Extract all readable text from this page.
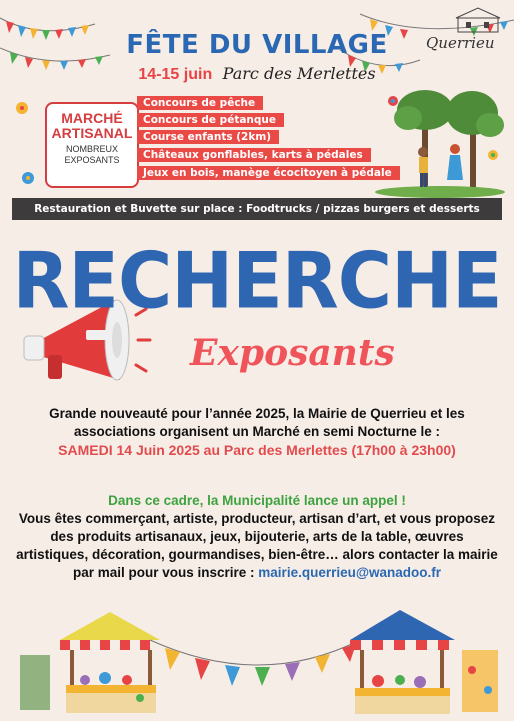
FÊTE DU VILLAGE
14-15 juin Parc des Merlettes
Querrieu
MARCHÉ
ARTISANAL
NOMBREUX
EXPOSANTS
Concours de pêche
Concours de pétanque
Course enfants (2km)
Châteaux gonflables, karts à pédales
Jeux en bois, manège écocitoyen à pédale
Restauration et Buvette sur place : Foodtrucks / pizzas burgers et desserts
RECHERCHE
Exposants
Grande nouveauté pour l’année 2025, la Mairie de Querrieu et les
associations organisent un Marché en semi Nocturne le :
SAMEDI 14 Juin 2025 au Parc des Merlettes (17h00 à 23h00)
Dans ce cadre, la Municipalité lance un appel !
Vous êtes commerçant, artiste, producteur, artisan d’art, et vous proposez
des produits artisanaux, jeux, bijouterie, arts de la table, œuvres
artistiques, décoration, gourmandises, bien-être… alors contacter la mairie
par mail pour vous inscrire : mairie.querrieu@wanadoo.fr
